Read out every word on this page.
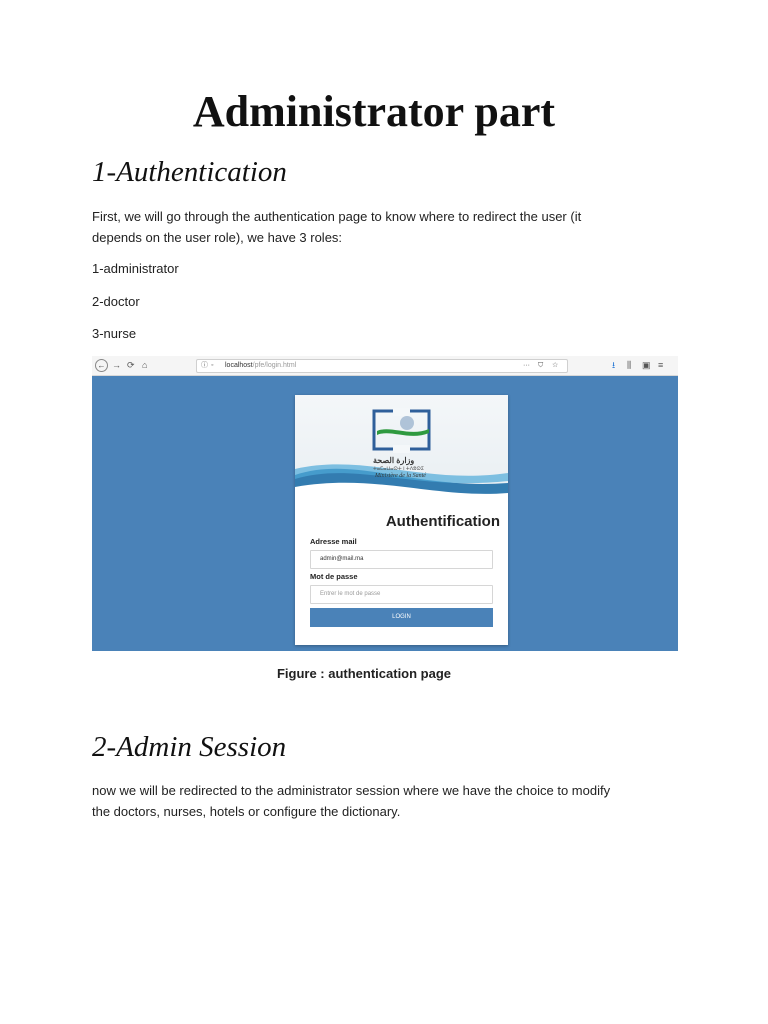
Administrator part
1-Authentication
First, we will go through the authentication page to know where to redirect the user (it
depends on the user role), we have 3 roles:
1-administrator
2-doctor
3-nurse
← → ⟳ ⌂	ⓘ ◦ localhost/pfe/login.html	··· ⛉ ☆	⭳ ⫼ ▣ ≡
وزارة الصحة
ⵜⴰⵎⴰⵡⴰⵙⵜ ⵏ ⵜⴷⵓⵙⵉ
Ministère de la Santé
Authentification
Adresse mail
admin@mail.ma
Mot de passe
Entrer le mot de passe
LOGIN
Figure : authentication page
2-Admin Session
now we will be redirected to the administrator session where we have the choice to modify
the doctors, nurses, hotels or configure the dictionary.
